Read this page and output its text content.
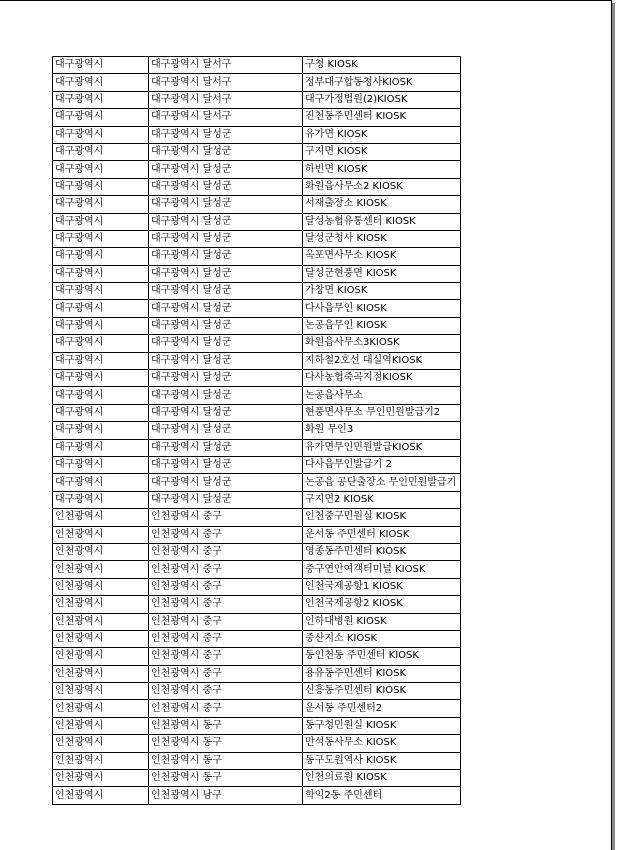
대구광역시	대구광역시 달서구	구청 KIOSK
대구광역시	대구광역시 달서구	정부대구합동청사KIOSK
대구광역시	대구광역시 달서구	대구가정법원(2)KIOSK
대구광역시	대구광역시 달서구	진천동주민센터 KIOSK
대구광역시	대구광역시 달성군	유가면 KIOSK
대구광역시	대구광역시 달성군	구지면 KIOSK
대구광역시	대구광역시 달성군	하빈면 KIOSK
대구광역시	대구광역시 달성군	화원읍사무소2 KIOSK
대구광역시	대구광역시 달성군	서재출장소 KIOSK
대구광역시	대구광역시 달성군	달성농협유통센터 KIOSK
대구광역시	대구광역시 달성군	달성군청사 KIOSK
대구광역시	대구광역시 달성군	옥포면사무소 KIOSK
대구광역시	대구광역시 달성군	달성군현풍면 KIOSK
대구광역시	대구광역시 달성군	가창면 KIOSK
대구광역시	대구광역시 달성군	다사읍무인 KIOSK
대구광역시	대구광역시 달성군	논공읍무인 KIOSK
대구광역시	대구광역시 달성군	화원읍사무소3KIOSK
대구광역시	대구광역시 달성군	지하철2호선 대실역KIOSK
대구광역시	대구광역시 달성군	다사농협죽곡지점KIOSK
대구광역시	대구광역시 달성군	논공읍사무소
대구광역시	대구광역시 달성군	현풍면사무소 무인민원발급기2
대구광역시	대구광역시 달성군	화원 무인3
대구광역시	대구광역시 달성군	유가면무인민원발급KIOSK
대구광역시	대구광역시 달성군	다사읍무인발급기 2
대구광역시	대구광역시 달성군	논공읍 공단출장소 무인민원발급기
대구광역시	대구광역시 달성군	구지면2 KIOSK
인천광역시	인천광역시 중구	인천중구민원실 KIOSK
인천광역시	인천광역시 중구	운서동 주민센터 KIOSK
인천광역시	인천광역시 중구	영종동주민센터 KIOSK
인천광역시	인천광역시 중구	중구연안여객터미널 KIOSK
인천광역시	인천광역시 중구	인천국제공항1 KIOSK
인천광역시	인천광역시 중구	인천국제공항2 KIOSK
인천광역시	인천광역시 중구	인하대병원 KIOSK
인천광역시	인천광역시 중구	중산지소 KIOSK
인천광역시	인천광역시 중구	동인천동 주민센터 KIOSK
인천광역시	인천광역시 중구	용유동주민센터 KIOSK
인천광역시	인천광역시 중구	신흥동주민센터 KIOSK
인천광역시	인천광역시 중구	운서동 주민센터2
인천광역시	인천광역시 동구	동구청민원실 KIOSK
인천광역시	인천광역시 동구	만석동사무소 KIOSK
인천광역시	인천광역시 동구	동구도원역사 KIOSK
인천광역시	인천광역시 동구	인천의료원 KIOSK
인천광역시	인천광역시 남구	학익2동 주민센터
